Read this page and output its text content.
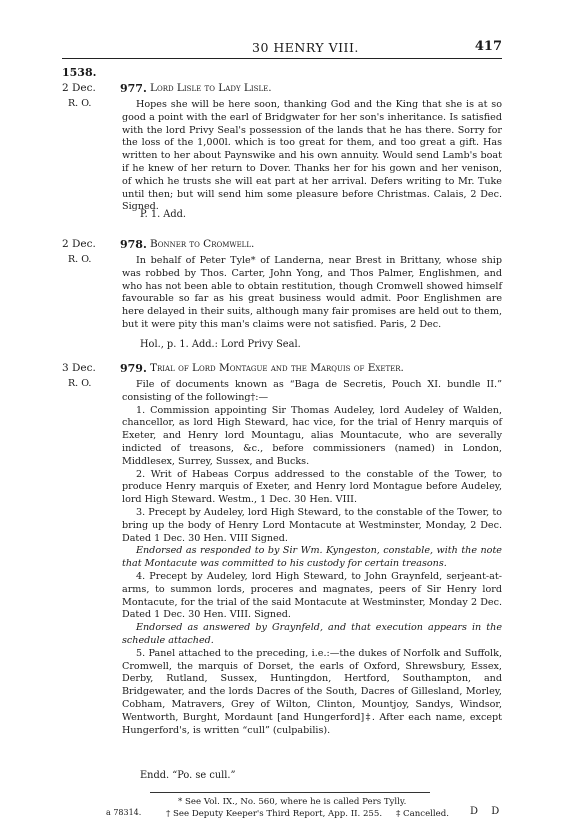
30 HENRY VIII.	417
1538.
2 Dec.
R. O.
977. Lord Lisle to Lady Lisle.

Hopes she will be here soon, thanking God and the King that she is at so good a point with the earl of Bridgwater for her son's inheritance. Is satisfied with the lord Privy Seal's possession of the lands that he has there. Sorry for the loss of the 1,000l. which is too great for them, and too great a gift. Has written to her about Paynswike and his own annuity. Would send Lamb's boat if he knew of her return to Dover. Thanks her for his gown and her venison, of which he trusts she will eat part at her arrival. Defers writing to Mr. Tuke until then; but will send him some pleasure before Christmas. Calais, 2 Dec. Signed.

P. 1. Add.
2 Dec.
R. O.
978. Bonner to Cromwell.

In behalf of Peter Tyle* of Landerna, near Brest in Brittany, whose ship was robbed by Thos. Carter, John Yong, and Thos Palmer, Englishmen, and who has not been able to obtain restitution, though Cromwell showed himself favourable so far as his great business would admit. Poor Englishmen are here delayed in their suits, although many fair promises are held out to them, but it were pity this man's claims were not satisfied. Paris, 2 Dec.

Hol., p. 1. Add.: Lord Privy Seal.
3 Dec.
R. O.
979. Trial of Lord Montague and the Marquis of Exeter.

File of documents known as “Baga de Secretis, Pouch XI. bundle II.” consisting of the following†:—

1. Commission appointing Sir Thomas Audeley, lord Audeley of Walden, chancellor, as lord High Steward, hac vice, for the trial of Henry marquis of Exeter, and Henry lord Mountagu, alias Mountacute, who are severally indicted of treasons, &c., before commissioners (named) in London, Middlesex, Surrey, Sussex, and Bucks.

2. Writ of Habeas Corpus addressed to the constable of the Tower, to produce Henry marquis of Exeter, and Henry lord Montague before Audeley, lord High Steward. Westm., 1 Dec. 30 Hen. VIII.

3. Precept by Audeley, lord High Steward, to the constable of the Tower, to bring up the body of Henry Lord Montacute at Westminster, Monday, 2 Dec. Dated 1 Dec. 30 Hen. VIII Signed.

Endorsed as responded to by Sir Wm. Kyngeston, constable, with the note that Montacute was committed to his custody for certain treasons.

4. Precept by Audeley, lord High Steward, to John Graynfeld, serjeant-at-arms, to summon lords, proceres and magnates, peers of Sir Henry lord Montacute, for the trial of the said Montacute at Westminster, Monday 2 Dec. Dated 1 Dec. 30 Hen. VIII. Signed.

Endorsed as answered by Graynfeld, and that execution appears in the schedule attached.

5. Panel attached to the preceding, i.e.:—the dukes of Norfolk and Suffolk, Cromwell, the marquis of Dorset, the earls of Oxford, Shrewsbury, Essex, Derby, Rutland, Sussex, Huntingdon, Hertford, Southampton, and Bridgewater, and the lords Dacres of the South, Dacres of Gillesland, Morley, Cobham, Matravers, Grey of Wilton, Clinton, Mountjoy, Sandys, Windsor, Wentworth, Burght, Mordaunt [and Hungerford]‡. After each name, except Hungerford's, is written “cull” (culpabilis).

Endd. “Po. se cull.”
* See Vol. IX., No. 560, where he is called Pers Tylly.
† See Deputy Keeper's Third Report, App. II. 255. ‡ Cancelled.
a 78314.	D D
